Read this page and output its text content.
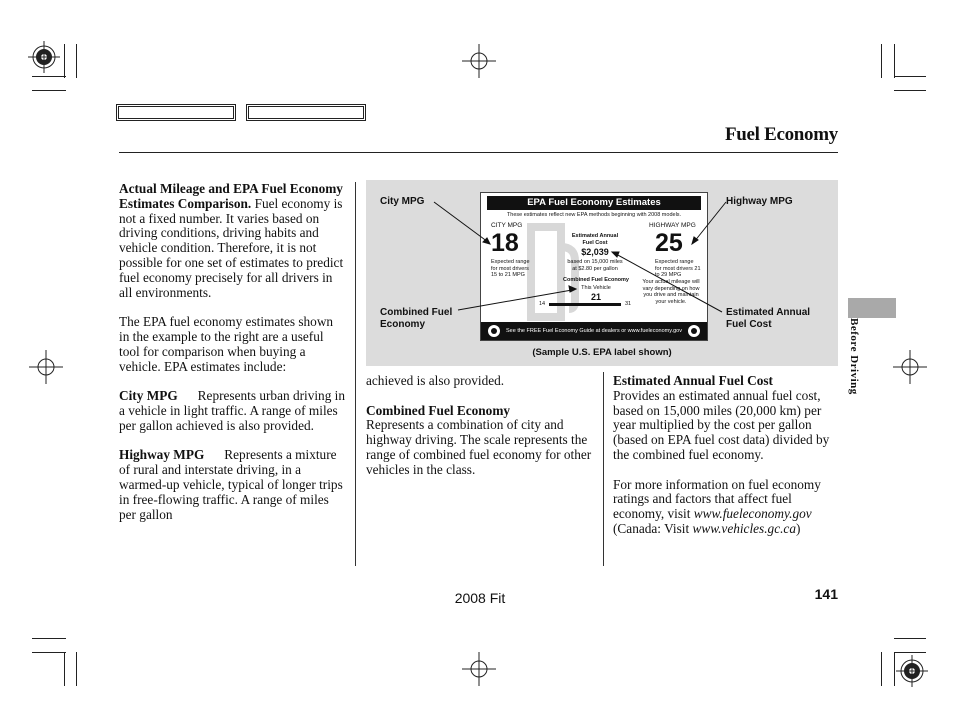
Fuel Economy

Actual Mileage and EPA Fuel Economy Estimates Comparison. Fuel economy is not a fixed number. It varies based on driving conditions, driving habits and vehicle condition. Therefore, it is not possible for one set of estimates to predict fuel economy precisely for all drivers in all environments.

The EPA fuel economy estimates shown in the example to the right are a useful tool for comparison when buying a vehicle. EPA estimates include:

City MPG Represents urban driving in a vehicle in light traffic. A range of miles per gallon achieved is also provided.

Highway MPG Represents a mixture of rural and interstate driving, in a warmed-up vehicle, typical of longer trips in free-flowing traffic. A range of miles per gallon

City MPG	Highway MPG
Combined Fuel Economy
Estimated Annual Fuel Cost
(Sample U.S. EPA label shown)
EPA Fuel Economy Estimates
These estimates reflect new EPA methods beginning with 2008 models.
CITY MPG
18
Expected range for most drivers 15 to 21 MPG
HIGHWAY MPG
25
Expected range for most drivers 21 to 29 MPG
Estimated Annual Fuel Cost
$2,039
based on 15,000 miles at $2.80 per gallon
Combined Fuel Economy
This Vehicle
21
14	31
Your actual mileage will vary depending on how you drive and maintain your vehicle.
See the FREE Fuel Economy Guide at dealers or www.fueleconomy.gov

achieved is also provided.

Combined Fuel Economy
Represents a combination of city and highway driving. The scale represents the range of combined fuel economy for other vehicles in the class.

Estimated Annual Fuel Cost
Provides an estimated annual fuel cost, based on 15,000 miles (20,000 km) per year multiplied by the cost per gallon (based on EPA fuel cost data) divided by the combined fuel economy.

For more information on fuel economy ratings and factors that affect fuel economy, visit www.fueleconomy.gov (Canada: Visit www.vehicles.gc.ca)

Before Driving
2008 Fit	141
